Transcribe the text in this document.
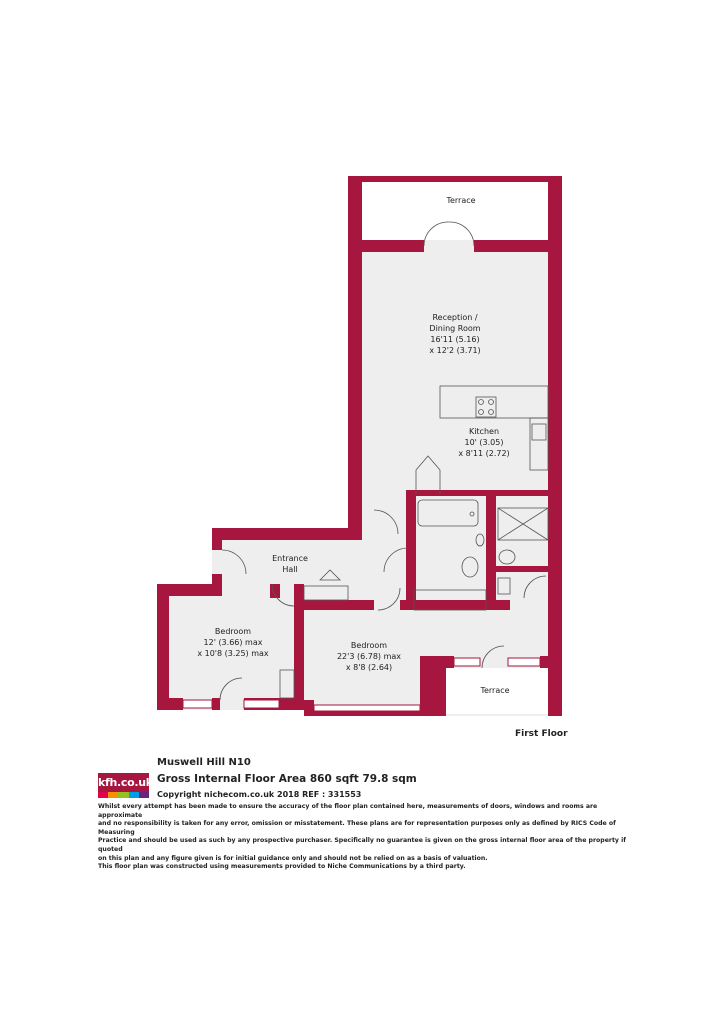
Terrace
Reception /
Dining Room
16'11 (5.16)
x 12'2 (3.71)
Kitchen
10' (3.05)
x 8'11 (2.72)
Entrance
Hall
Bedroom
12' (3.66) max
x 10'8 (3.25) max
Bedroom
22'3 (6.78) max
x 8'8 (2.64)
Terrace
First Floor
kfh.co.uk
Muswell Hill N10
Gross Internal Floor Area 860 sqft 79.8 sqm
Copyright nichecom.co.uk 2018 REF : 331553
Whilst every attempt has been made to ensure the accuracy of the floor plan contained here, measurements of doors, windows and rooms are approximate
and no responsibility is taken for any error, omission or misstatement. These plans are for representation purposes only as defined by RICS Code of Measuring
Practice and should be used as such by any prospective purchaser. Specifically no guarantee is given on the gross internal floor area of the property if quoted
on this plan and any figure given is for initial guidance only and should not be relied on as a basis of valuation.
This floor plan was constructed using measurements provided to Niche Communications by a third party.
